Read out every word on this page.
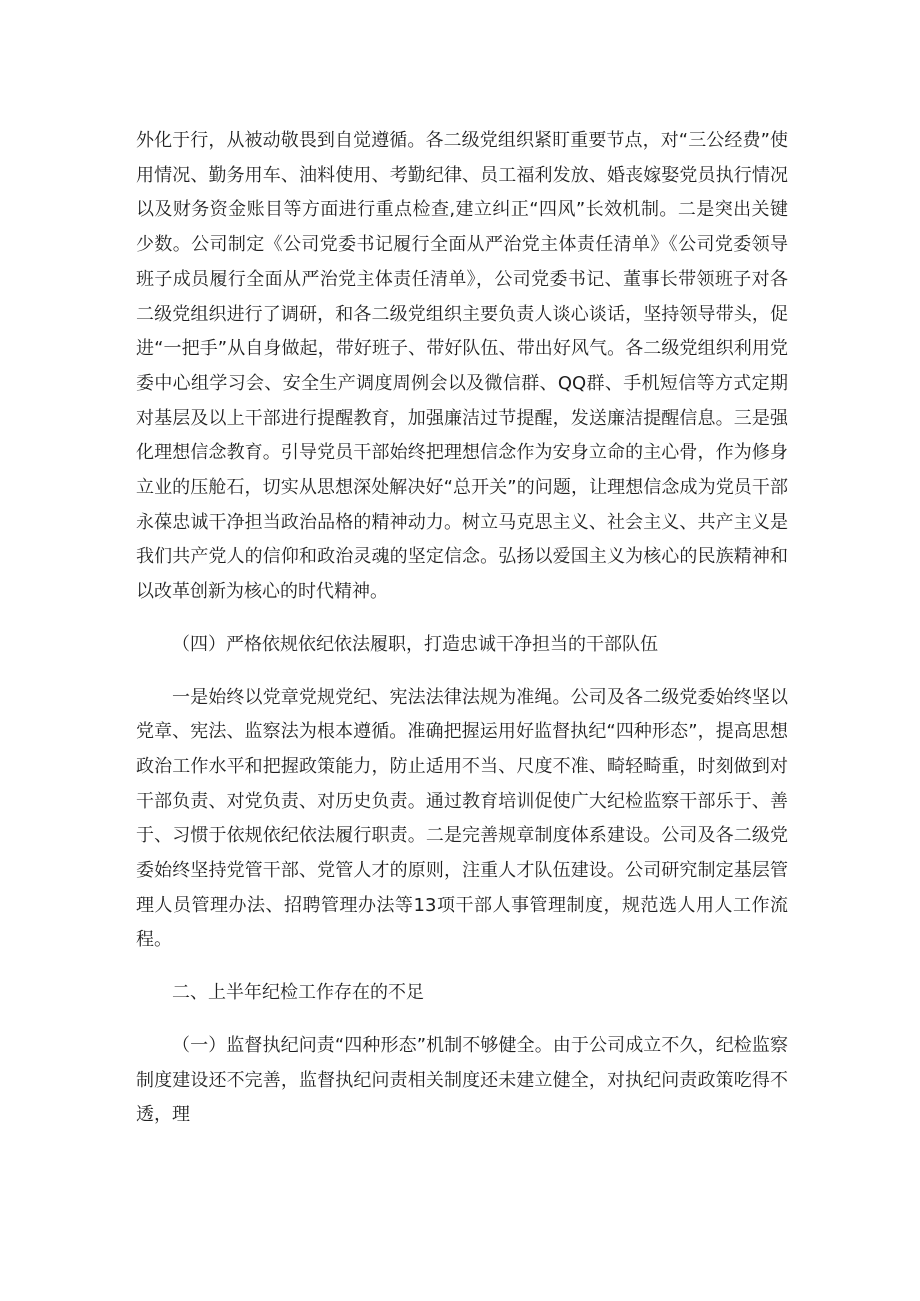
外化于行，从被动敬畏到自觉遵循。各二级党组织紧盯重要节点，对“三公经费”使用情况、勤务用车、油料使用、考勤纪律、员工福利发放、婚丧嫁娶党员执行情况以及财务资金账目等方面进行重点检查,建立纠正“四风”长效机制。二是突出关键少数。公司制定《公司党委书记履行全面从严治党主体责任清单》《公司党委领导班子成员履行全面从严治党主体责任清单》，公司党委书记、董事长带领班子对各二级党组织进行了调研，和各二级党组织主要负责人谈心谈话，坚持领导带头，促进“一把手”从自身做起，带好班子、带好队伍、带出好风气。各二级党组织利用党委中心组学习会、安全生产调度周例会以及微信群、QQ群、手机短信等方式定期对基层及以上干部进行提醒教育，加强廉洁过节提醒，发送廉洁提醒信息。三是强化理想信念教育。引导党员干部始终把理想信念作为安身立命的主心骨，作为修身立业的压舱石，切实从思想深处解决好“总开关”的问题，让理想信念成为党员干部永葆忠诚干净担当政治品格的精神动力。树立马克思主义、社会主义、共产主义是我们共产党人的信仰和政治灵魂的坚定信念。弘扬以爱国主义为核心的民族精神和以改革创新为核心的时代精神。

（四）严格依规依纪依法履职，打造忠诚干净担当的干部队伍

一是始终以党章党规党纪、宪法法律法规为准绳。公司及各二级党委始终坚以党章、宪法、监察法为根本遵循。准确把握运用好监督执纪“四种形态”，提高思想政治工作水平和把握政策能力，防止适用不当、尺度不准、畸轻畸重，时刻做到对干部负责、对党负责、对历史负责。通过教育培训促使广大纪检监察干部乐于、善于、习惯于依规依纪依法履行职责。二是完善规章制度体系建设。公司及各二级党委始终坚持党管干部、党管人才的原则，注重人才队伍建设。公司研究制定基层管理人员管理办法、招聘管理办法等13项干部人事管理制度，规范选人用人工作流程。

二、上半年纪检工作存在的不足

（一）监督执纪问责“四种形态”机制不够健全。由于公司成立不久，纪检监察制度建设还不完善，监督执纪问责相关制度还未建立健全，对执纪问责政策吃得不透，理
